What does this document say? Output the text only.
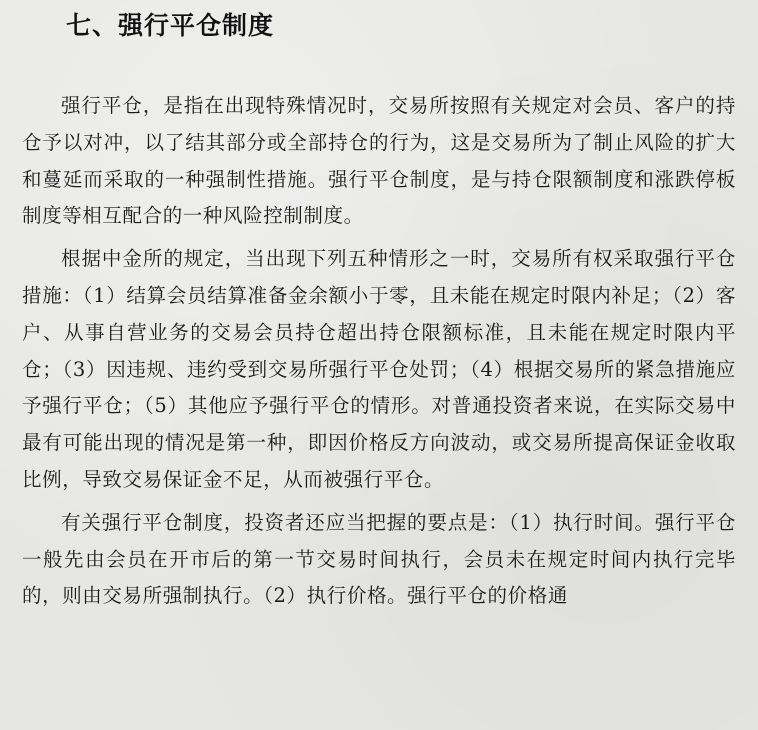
七、强行平仓制度

强行平仓，是指在出现特殊情况时，交易所按照有关规定对会员、客户的持仓予以对冲，以了结其部分或全部持仓的行为，这是交易所为了制止风险的扩大和蔓延而采取的一种强制性措施。强行平仓制度，是与持仓限额制度和涨跌停板制度等相互配合的一种风险控制制度。

根据中金所的规定，当出现下列五种情形之一时，交易所有权采取强行平仓措施：（1）结算会员结算准备金余额小于零，且未能在规定时限内补足；（2）客户、从事自营业务的交易会员持仓超出持仓限额标准，且未能在规定时限内平仓；（3）因违规、违约受到交易所强行平仓处罚；（4）根据交易所的紧急措施应予强行平仓；（5）其他应予强行平仓的情形。对普通投资者来说，在实际交易中最有可能出现的情况是第一种，即因价格反方向波动，或交易所提高保证金收取比例，导致交易保证金不足，从而被强行平仓。

有关强行平仓制度，投资者还应当把握的要点是：（1）执行时间。强行平仓一般先由会员在开市后的第一节交易时间执行，会员未在规定时间内执行完毕的，则由交易所强制执行。（2）执行价格。强行平仓的价格通
